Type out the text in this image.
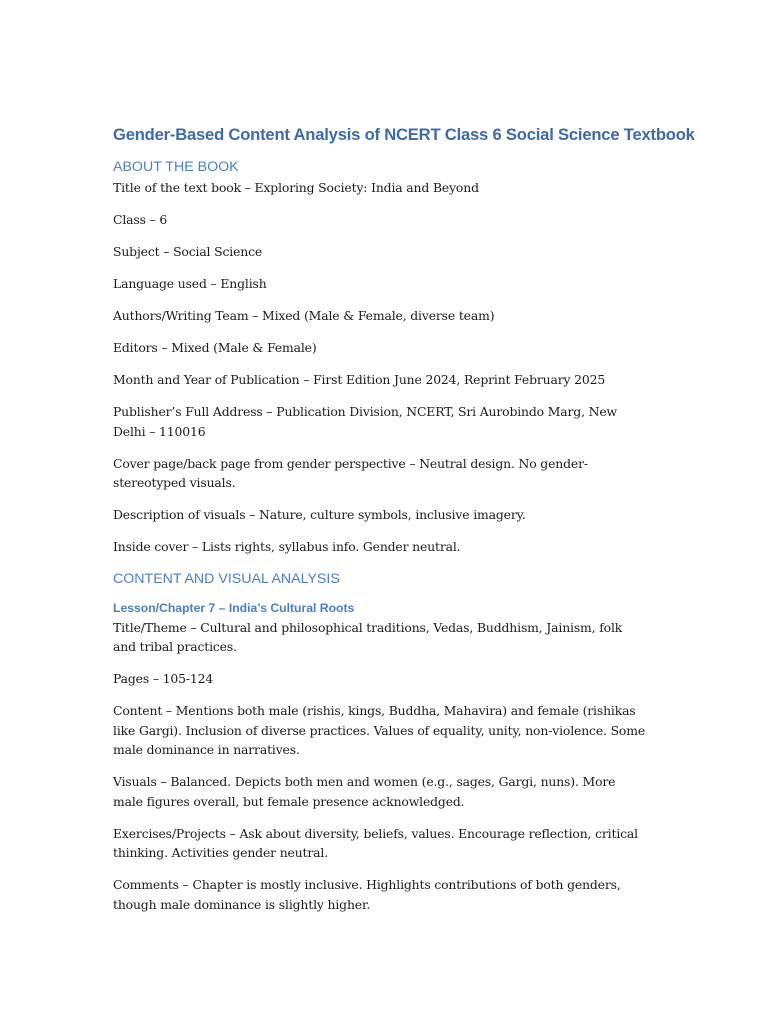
Gender-Based Content Analysis of NCERT Class 6 Social Science Textbook
ABOUT THE BOOK

Title of the text book – Exploring Society: India and Beyond

Class – 6

Subject – Social Science

Language used – English

Authors/Writing Team – Mixed (Male & Female, diverse team)

Editors – Mixed (Male & Female)

Month and Year of Publication – First Edition June 2024, Reprint February 2025

Publisher’s Full Address – Publication Division, NCERT, Sri Aurobindo Marg, New Delhi – 110016

Cover page/back page from gender perspective – Neutral design. No gender-stereotyped visuals.

Description of visuals – Nature, culture symbols, inclusive imagery.

Inside cover – Lists rights, syllabus info. Gender neutral.

CONTENT AND VISUAL ANALYSIS
Lesson/Chapter 7 – India’s Cultural Roots

Title/Theme – Cultural and philosophical traditions, Vedas, Buddhism, Jainism, folk and tribal practices.

Pages – 105-124

Content – Mentions both male (rishis, kings, Buddha, Mahavira) and female (rishikas like Gargi). Inclusion of diverse practices. Values of equality, unity, non-violence. Some male dominance in narratives.

Visuals – Balanced. Depicts both men and women (e.g., sages, Gargi, nuns). More male figures overall, but female presence acknowledged.

Exercises/Projects – Ask about diversity, beliefs, values. Encourage reflection, critical thinking. Activities gender neutral.

Comments – Chapter is mostly inclusive. Highlights contributions of both genders, though male dominance is slightly higher.
